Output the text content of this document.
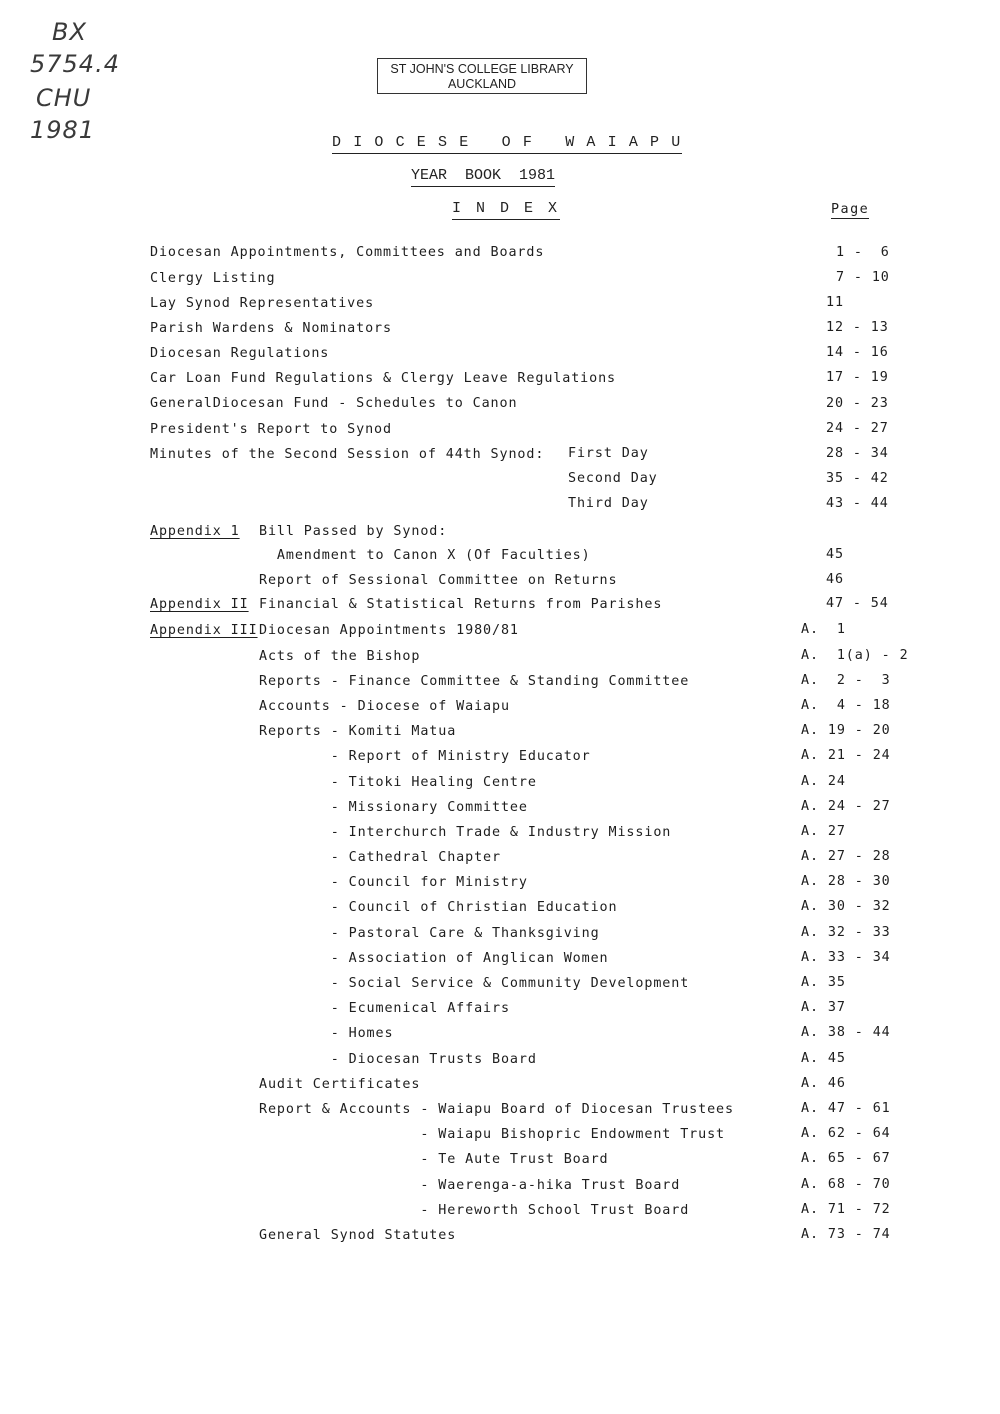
BX
5754.4
CHU
1981
ST JOHN'S COLLEGE LIBRARY
AUCKLAND
D I O C E S E   O F   W A I A P U
YEAR  BOOK  1981
I N D E X	Page
Diocesan Appointments, Committees and Boards	1 -  6
Clergy Listing	7 - 10
Lay Synod Representatives	11
Parish Wardens & Nominators	12 - 13
Diocesan Regulations	14 - 16
Car Loan Fund Regulations & Clergy Leave Regulations	17 - 19
GeneralDiocesan Fund - Schedules to Canon	20 - 23
President's Report to Synod	24 - 27
Minutes of the Second Session of 44th Synod: First Day	28 - 34
Second Day	35 - 42
Third Day	43 - 44
Appendix 1 Bill Passed by Synod:
Amendment to Canon X (Of Faculties)	45
Report of Sessional Committee on Returns	46
Appendix II Financial & Statistical Returns from Parishes	47 - 54
Appendix III Diocesan Appointments 1980/81	A.  1
Acts of the Bishop	A.  1(a) - 2
Reports - Finance Committee & Standing Committee	A.  2 -  3
Accounts - Diocese of Waiapu	A.  4 - 18
Reports - Komiti Matua	A. 19 - 20
- Report of Ministry Educator	A. 21 - 24
- Titoki Healing Centre	A. 24
- Missionary Committee	A. 24 - 27
- Interchurch Trade & Industry Mission	A. 27
- Cathedral Chapter	A. 27 - 28
- Council for Ministry	A. 28 - 30
- Council of Christian Education	A. 30 - 32
- Pastoral Care & Thanksgiving	A. 32 - 33
- Association of Anglican Women	A. 33 - 34
- Social Service & Community Development	A. 35
- Ecumenical Affairs	A. 37
- Homes	A. 38 - 44
- Diocesan Trusts Board	A. 45
Audit Certificates	A. 46
Report & Accounts - Waiapu Board of Diocesan Trustees	A. 47 - 61
- Waiapu Bishopric Endowment Trust	A. 62 - 64
- Te Aute Trust Board	A. 65 - 67
- Waerenga-a-hika Trust Board	A. 68 - 70
- Hereworth School Trust Board	A. 71 - 72
General Synod Statutes	A. 73 - 74
